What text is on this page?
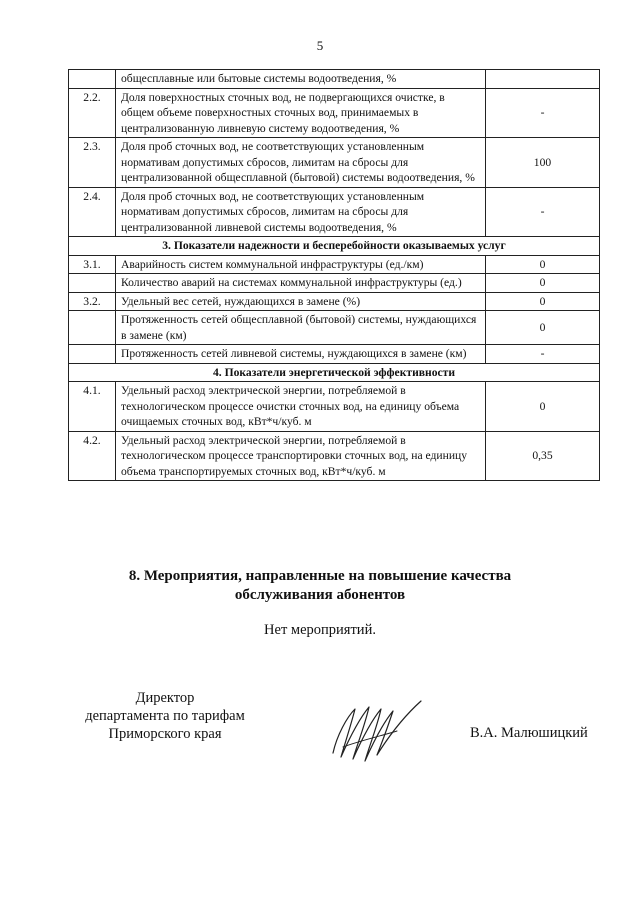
5
	общесплавные или бытовые системы водоотведения, %	
2.2.	Доля поверхностных сточных вод, не подвергающихся очистке, в общем объеме поверхностных сточных вод, принимаемых в централизованную ливневую систему водоотведения, %	-
2.3.	Доля проб сточных вод, не соответствующих установленным нормативам допустимых сбросов, лимитам на сбросы для централизованной общесплавной (бытовой) системы водоотведения, %	100
2.4.	Доля проб сточных вод, не соответствующих установленным нормативам допустимых сбросов, лимитам на сбросы для централизованной ливневой системы водоотведения, %	-
3. Показатели надежности и бесперебойности оказываемых услуг		
3.1.	Аварийность систем коммунальной инфраструктуры (ед./км)	0
	Количество аварий на системах коммунальной инфраструктуры (ед.)	0
3.2.	Удельный вес сетей, нуждающихся в замене (%)	0
	Протяженность сетей общесплавной (бытовой) системы, нуждающихся в замене (км)	0
	Протяженность сетей ливневой системы, нуждающихся в замене (км)	-
4. Показатели энергетической эффективности		
4.1.	Удельный расход электрической энергии, потребляемой в технологическом процессе очистки сточных вод, на единицу объема очищаемых сточных вод, кВт*ч/куб. м	0
4.2.	Удельный расход электрической энергии, потребляемой в технологическом процессе транспортировки сточных вод, на единицу объема транспортируемых сточных вод, кВт*ч/куб. м	0,35
8. Мероприятия, направленные на повышение качества
обслуживания абонентов
Нет мероприятий.
Директор
департамента по тарифам
Приморского края	В.А. Малюшицкий
